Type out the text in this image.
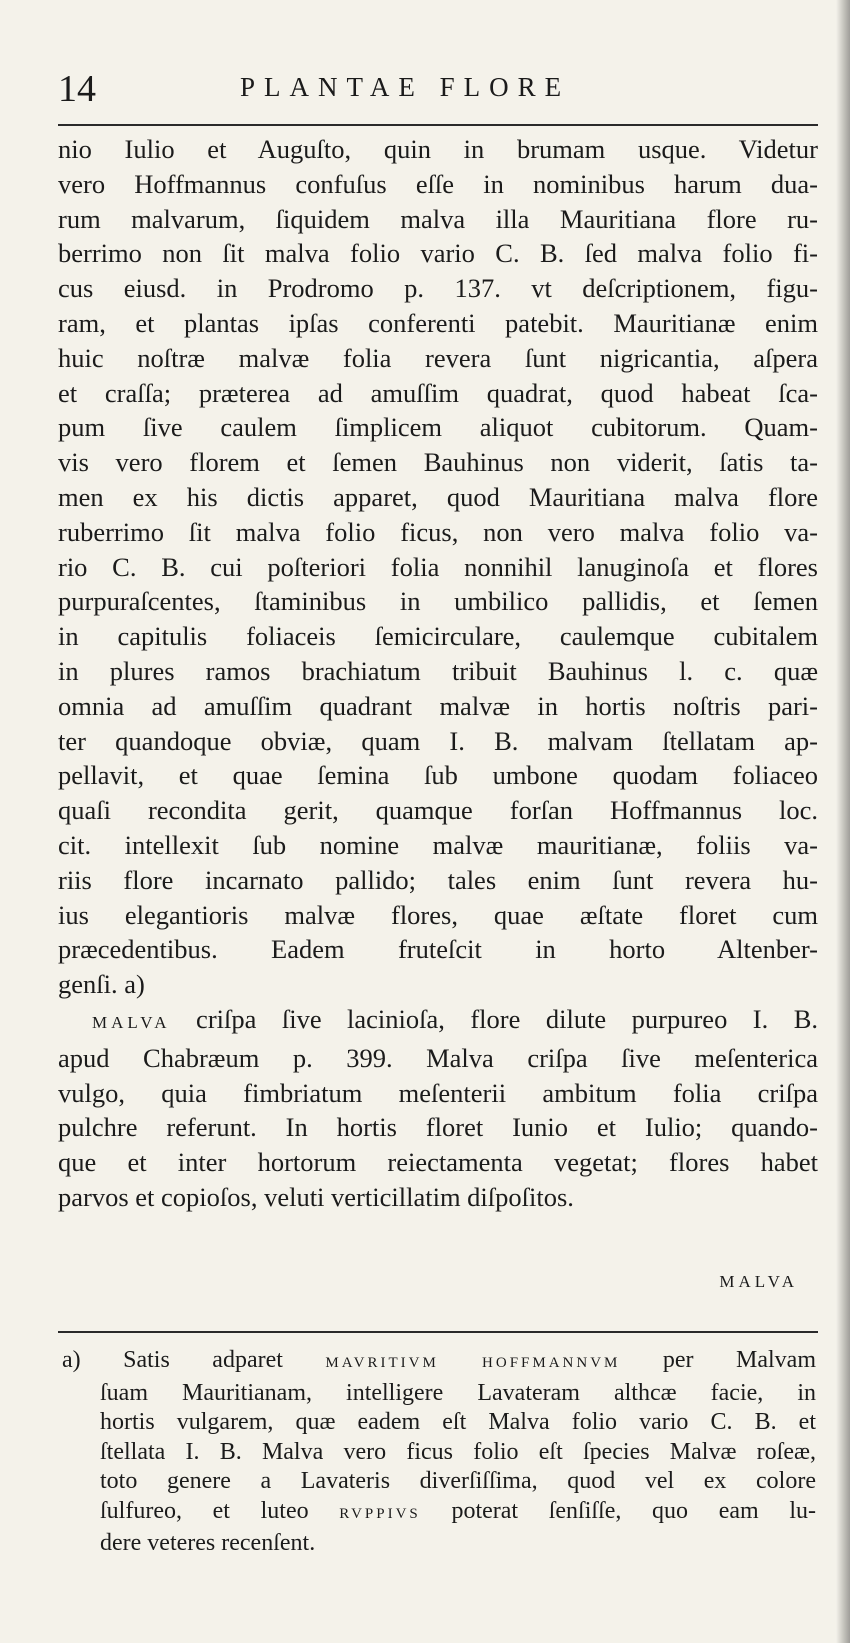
14	PLANTAE FLORE
nio Iulio et Auguſto, quin in brumam usque. Videtur
vero Hoffmannus confuſus eſſe in nominibus harum dua-
rum malvarum, ſiquidem malva illa Mauritiana flore ru-
berrimo non ſit malva folio vario C. B. ſed malva folio fi-
cus eiusd. in Prodromo p. 137. vt deſcriptionem, figu-
ram, et plantas ipſas conferenti patebit. Mauritianæ enim
huic noſtræ malvæ folia revera ſunt nigricantia, aſpera
et craſſa; præterea ad amuſſim quadrat, quod habeat ſca-
pum ſive caulem ſimplicem aliquot cubitorum. Quam-
vis vero florem et ſemen Bauhinus non viderit, ſatis ta-
men ex his dictis apparet, quod Mauritiana malva flore
ruberrimo ſit malva folio ficus, non vero malva folio va-
rio C. B. cui poſteriori folia nonnihil lanuginoſa et flores
purpuraſcentes, ſtaminibus in umbilico pallidis, et ſemen
in capitulis foliaceis ſemicirculare, caulemque cubitalem
in plures ramos brachiatum tribuit Bauhinus l. c. quæ
omnia ad amuſſim quadrant malvæ in hortis noſtris pari-
ter quandoque obviæ, quam I. B. malvam ſtellatam ap-
pellavit, et quae ſemina ſub umbone quodam foliaceo
quaſi recondita gerit, quamque forſan Hoffmannus loc.
cit. intellexit ſub nomine malvæ mauritianæ, foliis va-
riis flore incarnato pallido; tales enim ſunt revera hu-
ius elegantioris malvæ flores, quae æſtate floret cum
præcedentibus. Eadem fruteſcit in horto Altenber-
genſi. a)
MALVA criſpa ſive lacinioſa, flore dilute purpureo I. B.
apud Chabræum p. 399. Malva criſpa ſive meſenterica
vulgo, quia fimbriatum meſenterii ambitum folia criſpa
pulchre referunt. In hortis floret Iunio et Iulio; quando-
que et inter hortorum reiectamenta vegetat; flores habet
parvos et copioſos, veluti verticillatim diſpoſitos.
MALVA
a) Satis adparet MAVRITIVM HOFFMANNVM per Malvam
ſuam Mauritianam, intelligere Lavateram althcæ facie, in
hortis vulgarem, quæ eadem eſt Malva folio vario C. B. et
ſtellata I. B. Malva vero ficus folio eſt ſpecies Malvæ roſeæ,
toto genere a Lavateris diverſiſſima, quod vel ex colore
ſulfureo, et luteo RVPPIVS poterat ſenſiſſe, quo eam lu-
dere veteres recenſent.
